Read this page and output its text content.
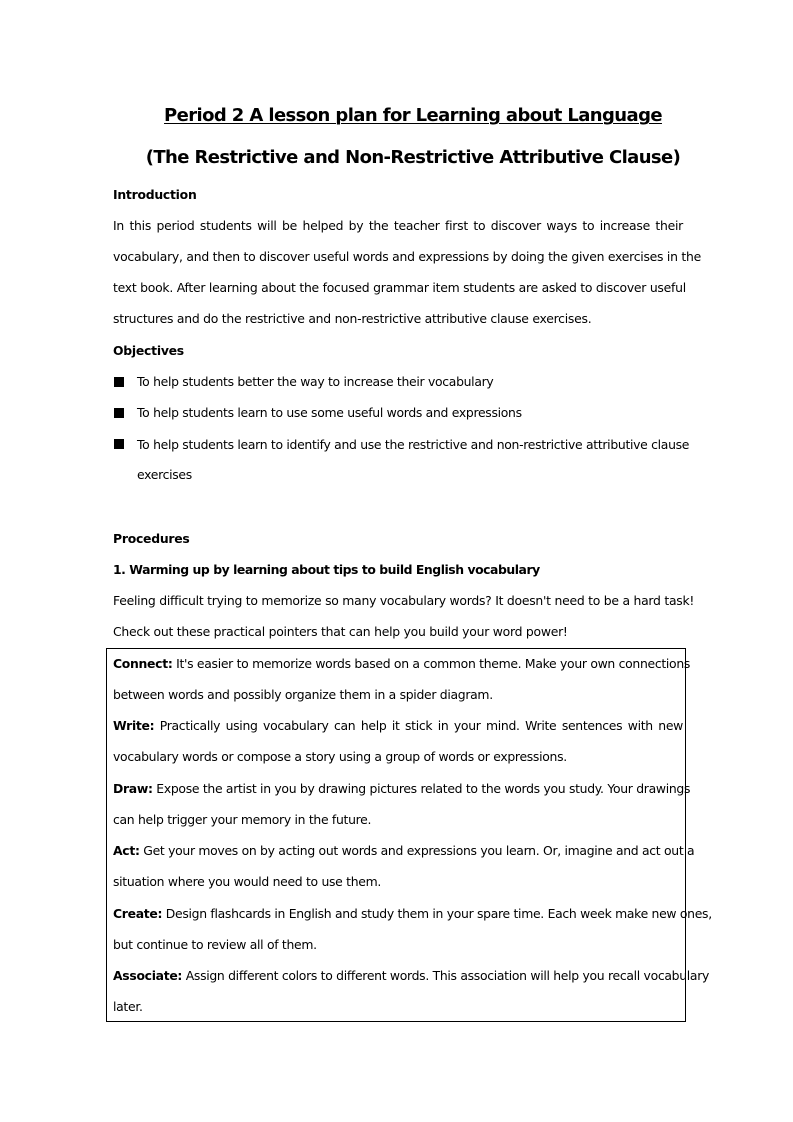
Period 2 A lesson plan for Learning about Language
(The Restrictive and Non-Restrictive Attributive Clause)
Introduction
In this period students will be helped by the teacher first to discover ways to increase their
vocabulary, and then to discover useful words and expressions by doing the given exercises in the
text book. After learning about the focused grammar item students are asked to discover useful
structures and do the restrictive and non-restrictive attributive clause exercises.
Objectives
To help students better the way to increase their vocabulary
To help students learn to use some useful words and expressions
To help students learn to identify and use the restrictive and non-restrictive attributive clause
exercises
Procedures
1. Warming up by learning about tips to build English vocabulary
Feeling difficult trying to memorize so many vocabulary words? It doesn't need to be a hard task!
Check out these practical pointers that can help you build your word power!
Connect: It's easier to memorize words based on a common theme. Make your own connections
between words and possibly organize them in a spider diagram.
Write: Practically using vocabulary can help it stick in your mind. Write sentences with new
vocabulary words or compose a story using a group of words or expressions.
Draw: Expose the artist in you by drawing pictures related to the words you study. Your drawings
can help trigger your memory in the future.
Act: Get your moves on by acting out words and expressions you learn. Or, imagine and act out a
situation where you would need to use them.
Create: Design flashcards in English and study them in your spare time. Each week make new ones,
but continue to review all of them.
Associate: Assign different colors to different words. This association will help you recall vocabulary
later.
